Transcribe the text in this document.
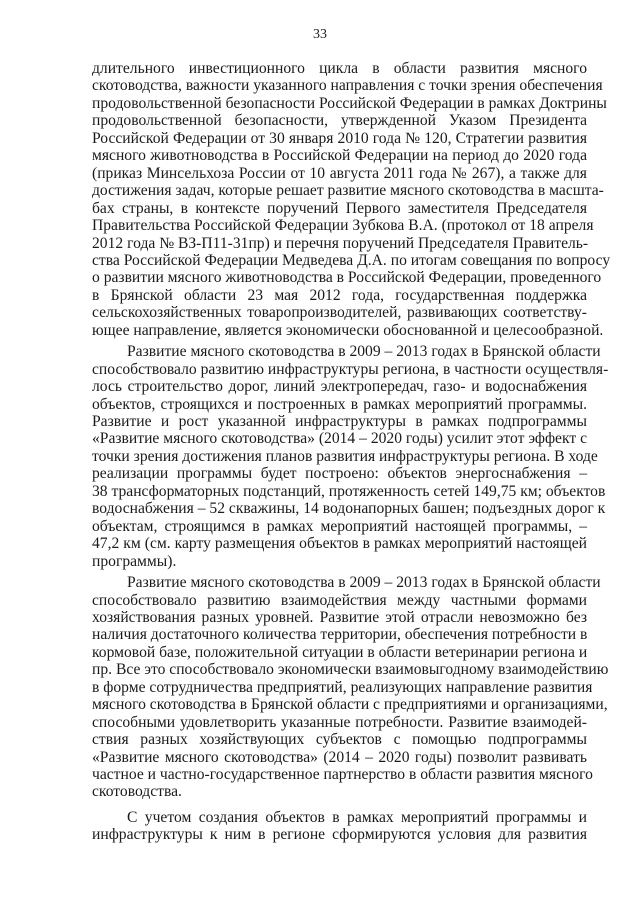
33
длительного инвестиционного цикла в области развития мясного
скотоводства, важности указанного направления с точки зрения обеспечения
продовольственной безопасности Российской Федерации в рамках Доктрины
продовольственной безопасности, утвержденной Указом Президента
Российской Федерации от 30 января 2010 года № 120, Стратегии развития
мясного животноводства в Российской Федерации на период до 2020 года
(приказ Минсельхоза России от 10 августа 2011 года № 267), а также для
достижения задач, которые решает развитие мясного скотоводства в масшта-
бах страны, в контексте поручений Первого заместителя Председателя
Правительства Российской Федерации Зубкова В.А. (протокол от 18 апреля
2012 года № ВЗ-П11-31пр) и перечня поручений Председателя Правитель-
ства Российской Федерации Медведева Д.А. по итогам совещания по вопросу
о развитии мясного животноводства в Российской Федерации, проведенного
в Брянской области 23 мая 2012 года, государственная поддержка
сельскохозяйственных товаропроизводителей, развивающих соответству-
ющее направление, является экономически обоснованной и целесообразной.
Развитие мясного скотоводства в 2009 – 2013 годах в Брянской области
способствовало развитию инфраструктуры региона, в частности осуществля-
лось строительство дорог, линий электропередач, газо- и водоснабжения
объектов, строящихся и построенных в рамках мероприятий программы.
Развитие и рост указанной инфраструктуры в рамках подпрограммы
«Развитие мясного скотоводства» (2014 – 2020 годы) усилит этот эффект с
точки зрения достижения планов развития инфраструктуры региона. В ходе
реализации программы будет построено: объектов энергоснабжения –
38 трансформаторных подстанций, протяженность сетей 149,75 км; объектов
водоснабжения – 52 скважины, 14 водонапорных башен; подъездных дорог к
объектам, строящимся в рамках мероприятий настоящей программы, –
47,2 км (см. карту размещения объектов в рамках мероприятий настоящей
программы).
Развитие мясного скотоводства в 2009 – 2013 годах в Брянской области
способствовало развитию взаимодействия между частными формами
хозяйствования разных уровней. Развитие этой отрасли невозможно без
наличия достаточного количества территории, обеспечения потребности в
кормовой базе, положительной ситуации в области ветеринарии региона и
пр. Все это способствовало экономически взаимовыгодному взаимодействию
в форме сотрудничества предприятий, реализующих направление развития
мясного скотоводства в Брянской области с предприятиями и организациями,
способными удовлетворить указанные потребности. Развитие взаимодей-
ствия разных хозяйствующих субъектов с помощью подпрограммы
«Развитие мясного скотоводства» (2014 – 2020 годы) позволит развивать
частное и частно-государственное партнерство в области развития мясного
скотоводства.
С учетом создания объектов в рамках мероприятий программы и
инфраструктуры к ним в регионе сформируются условия для развития
